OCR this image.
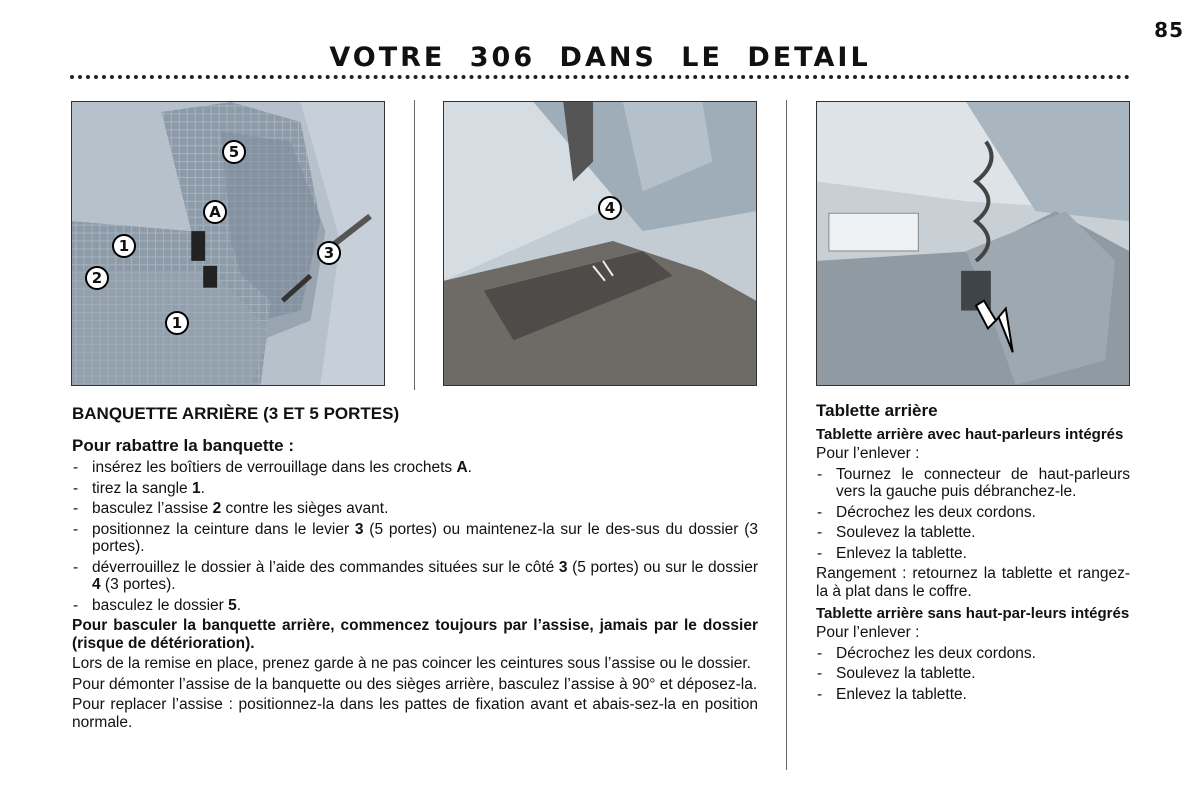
85
VOTRE 306 DANS LE DETAIL
5
A
1	3
2
1
4
BANQUETTE ARRIÈRE (3 ET 5 PORTES)
Pour rabattre la banquette :
- insérez les boîtiers de verrouillage dans les crochets A.
- tirez la sangle 1.
- basculez l’assise 2 contre les sièges avant.
- positionnez la ceinture dans le levier 3 (5 portes) ou maintenez-la sur le des-sus du dossier (3 portes).
- déverrouillez le dossier à l’aide des commandes situées sur le côté 3 (5 portes) ou sur le dossier 4 (3 portes).
- basculez le dossier 5.
Pour basculer la banquette arrière, commencez toujours par l’assise, jamais par le dossier (risque de détérioration).
Lors de la remise en place, prenez garde à ne pas coincer les ceintures sous l’assise ou le dossier.
Pour démonter l’assise de la banquette ou des sièges arrière, basculez l’assise à 90° et déposez-la.
Pour replacer l’assise : positionnez-la dans les pattes de fixation avant et abais-sez-la en position normale.
Tablette arrière
Tablette arrière avec haut-parleurs intégrés
Pour l’enlever :
- Tournez le connecteur de haut-parleurs vers la gauche puis débranchez-le.
- Décrochez les deux cordons.
- Soulevez la tablette.
- Enlevez la tablette.
Rangement : retournez la tablette et rangez-la à plat dans le coffre.
Tablette arrière sans haut-par-leurs intégrés
Pour l’enlever :
- Décrochez les deux cordons.
- Soulevez la tablette.
- Enlevez la tablette.
